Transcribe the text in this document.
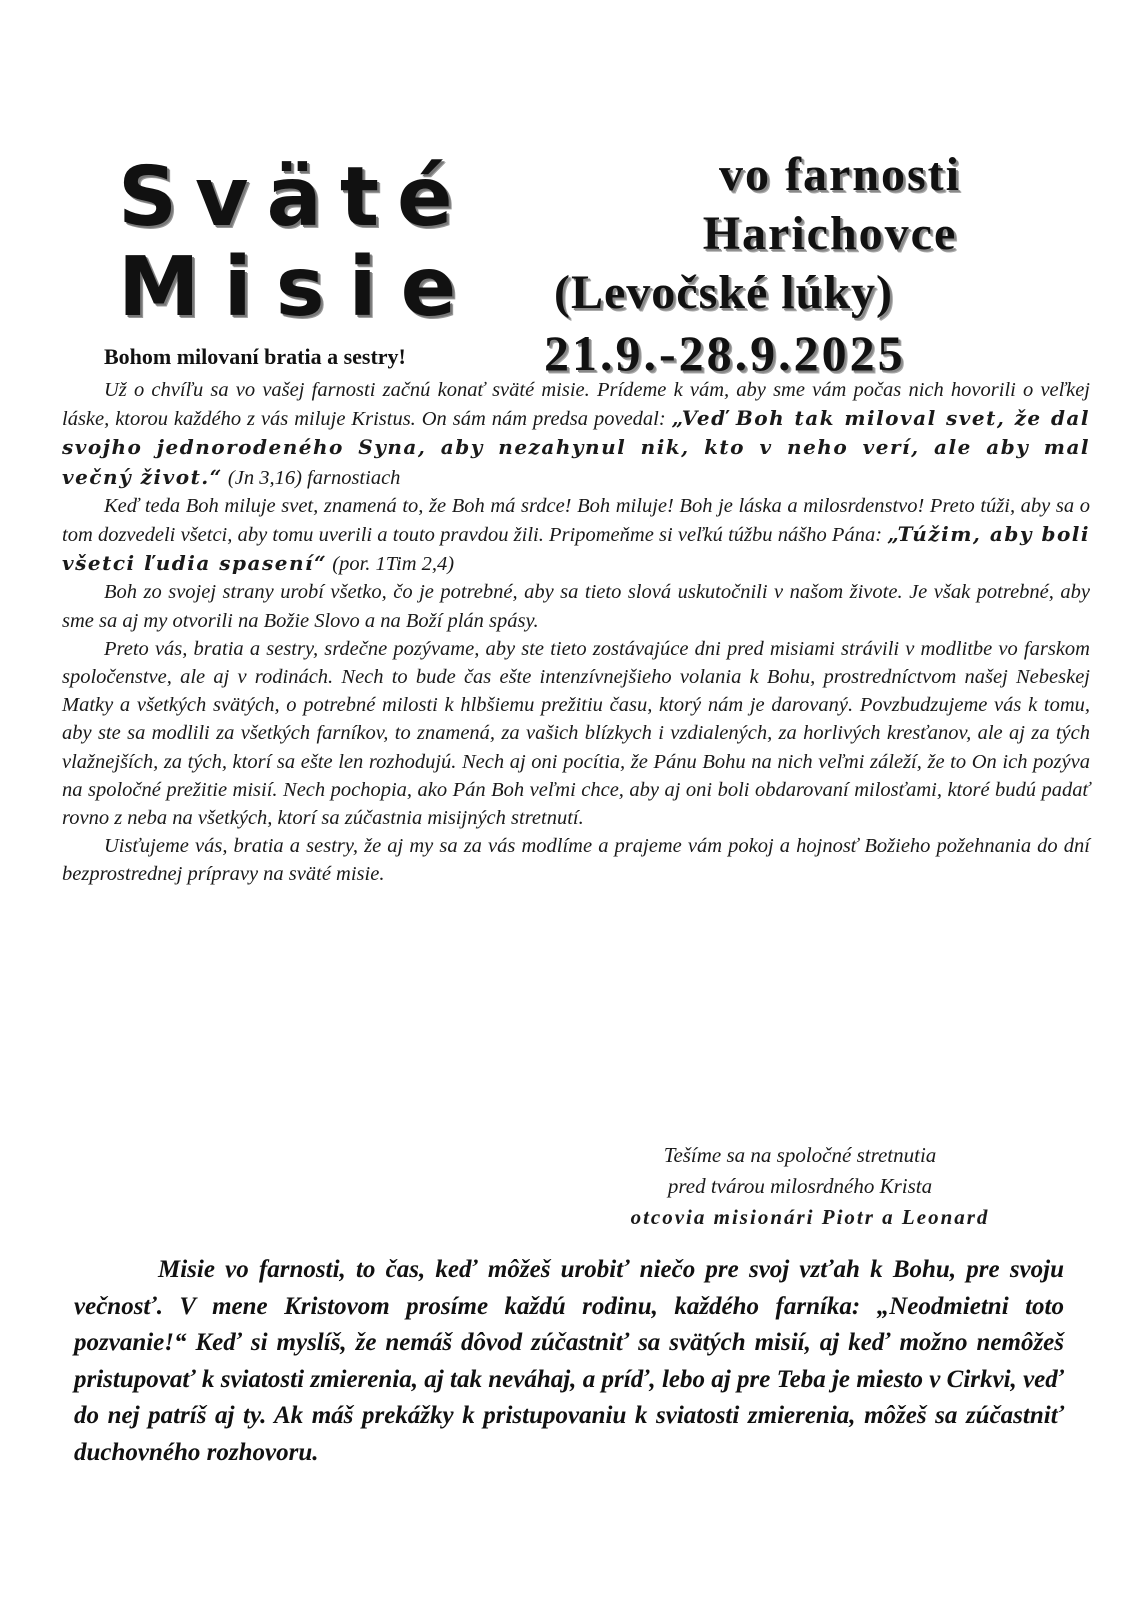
Sväté
Misie
vo farnosti
Harichovce
(Levočské lúky)
21.9.-28.9.2025
Bohom milovaní bratia a sestry!

Už o chvíľu sa vo vašej farnosti začnú konať sväté misie. Prídeme k vám, aby sme vám počas nich hovorili o veľkej láske, ktorou každého z vás miluje Kristus. On sám nám predsa povedal: „Veď Boh tak miloval svet, že dal svojho jednorodeného Syna, aby nezahynul nik, kto v neho verí, ale aby mal večný život.“ (Jn 3,16) farnostiach

Keď teda Boh miluje svet, znamená to, že Boh má srdce! Boh miluje! Boh je láska a milosrdenstvo! Preto túži, aby sa o tom dozvedeli všetci, aby tomu uverili a touto pravdou žili. Pripomeňme si veľkú túžbu nášho Pána: „Túžim, aby boli všetci ľudia spasení“ (por. 1Tim 2,4)

Boh zo svojej strany urobí všetko, čo je potrebné, aby sa tieto slová uskutočnili v našom živote. Je však potrebné, aby sme sa aj my otvorili na Božie Slovo a na Boží plán spásy.

Preto vás, bratia a sestry, srdečne pozývame, aby ste tieto zostávajúce dni pred misiami strávili v modlitbe vo farskom spoločenstve, ale aj v rodinách. Nech to bude čas ešte intenzívnejšieho volania k Bohu, prostredníctvom našej Nebeskej Matky a všetkých svätých, o potrebné milosti k hlbšiemu prežitiu času, ktorý nám je darovaný. Povzbudzujeme vás k tomu, aby ste sa modlili za všetkých farníkov, to znamená, za vašich blízkych i vzdialených, za horlivých kresťanov, ale aj za tých vlažnejších, za tých, ktorí sa ešte len rozhodujú. Nech aj oni pocítia, že Pánu Bohu na nich veľmi záleží, že to On ich pozýva na spoločné prežitie misií. Nech pochopia, ako Pán Boh veľmi chce, aby aj oni boli obdarovaní milosťami, ktoré budú padať rovno z neba na všetkých, ktorí sa zúčastnia misijných stretnutí.

Uisťujeme vás, bratia a sestry, že aj my sa za vás modlíme a prajeme vám pokoj a hojnosť Božieho požehnania do dní bezprostrednej prípravy na sväté misie.

Tešíme sa na spoločné stretnutia
pred tvárou milosrdného Krista
otcovia misionári Piotr a Leonard

Misie vo farnosti, to čas, keď môžeš urobiť niečo pre svoj vzťah k Bohu, pre svoju večnosť. V mene Kristovom prosíme každú rodinu, každého farníka: „Neodmietni toto pozvanie!“ Keď si myslíš, že nemáš dôvod zúčastniť sa svätých misií, aj keď možno nemôžeš pristupovať k sviatosti zmierenia, aj tak neváhaj, a príď, lebo aj pre Teba je miesto v Cirkvi, veď do nej patríš aj ty. Ak máš prekážky k pristupovaniu k sviatosti zmierenia, môžeš sa zúčastniť duchovného rozhovoru.
